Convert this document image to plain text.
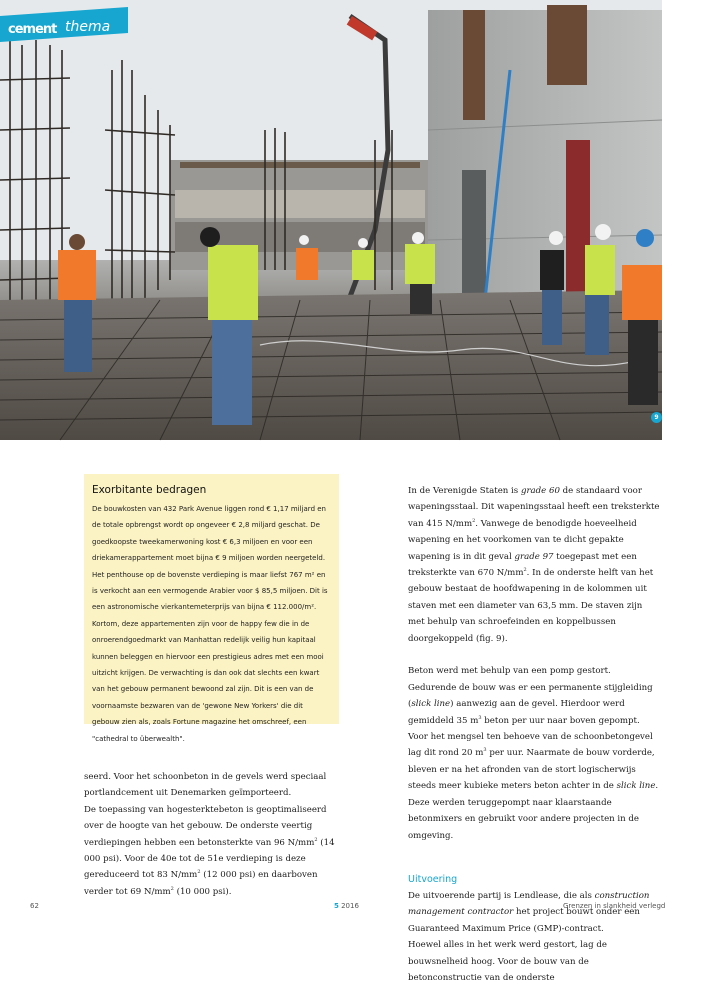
cement thema
9
Exorbitante bedragen

De bouwkosten van 432 Park Avenue liggen rond € 1,17 miljard en de totale opbrengst wordt op ongeveer € 2,8 miljard geschat. De goedkoopste tweekamerwoning kost € 6,3 miljoen en voor een driekamerappartement moet bijna € 9 miljoen worden neergeteld. Het penthouse op de bovenste verdieping is maar liefst 767 m² en is verkocht aan een vermogende Arabier voor $ 85,5 miljoen. Dit is een astronomische vierkantemeterprijs van bijna € 112.000/m². Kortom, deze appartementen zijn voor de happy few die in de onroerendgoedmarkt van Manhattan redelijk veilig hun kapitaal kunnen beleggen en hiervoor een prestigieus adres met een mooi uitzicht krijgen. De verwachting is dan ook dat slechts een kwart van het gebouw permanent bewoond zal zijn. Dit is een van de voornaamste bezwaren van de 'gewone New Yorkers' die dit gebouw zien als, zoals Fortune magazine het omschreef, een "cathedral to überwealth".

seerd. Voor het schoonbeton in de gevels werd speciaal portlandcement uit Denemarken geïmporteerd.

De toepassing van hogesterktebeton is geoptimaliseerd over de hoogte van het gebouw. De onderste veertig verdiepingen hebben een betonsterkte van 96 $N/mm^2$ (14 000 psi). Voor de 40e tot de 51e verdieping is deze gereduceerd tot 83 $N/mm^2$ (12 000 psi) en daarboven verder tot 69 $N/mm^2$ (10 000 psi).

In de Verenigde Staten is grade 60 de standaard voor wapeningsstaal. Dit wapeningsstaal heeft een treksterkte van 415 $N/mm^2$. Vanwege de benodigde hoeveelheid wapening en het voorkomen van te dicht gepakte wapening is in dit geval grade 97 toegepast met een treksterkte van 670 $N/mm^2$. In de onderste helft van het gebouw bestaat de hoofdwapening in de kolommen uit staven met een diameter van 63,5 mm. De staven zijn met behulp van schroefeinden en koppelbussen doorgekoppeld (fig. 9).

Beton werd met behulp van een pomp gestort. Gedurende de bouw was er een permanente stijgleiding (slick line) aanwezig aan de gevel. Hierdoor werd gemiddeld 35 $m^3$ beton per uur naar boven gepompt. Voor het mengsel ten behoeve van de schoonbetongevel lag dit rond 20 $m^3$ per uur. Naarmate de bouw vorderde, bleven er na het afronden van de stort logischerwijs steeds meer kubieke meters beton achter in de slick line. Deze werden teruggepompt naar klaarstaande betonmixers en gebruikt voor andere projecten in de omgeving.

Uitvoering

De uitvoerende partij is Lendlease, die als construction management contractor het project bouwt onder een Guaranteed Maximum Price (GMP)-contract.

Hoewel alles in het werk werd gestort, lag de bouwsnelheid hoog. Voor de bouw van de betonconstructie van de onderste

62	5 2016	Grenzen in slankheid verlegd
